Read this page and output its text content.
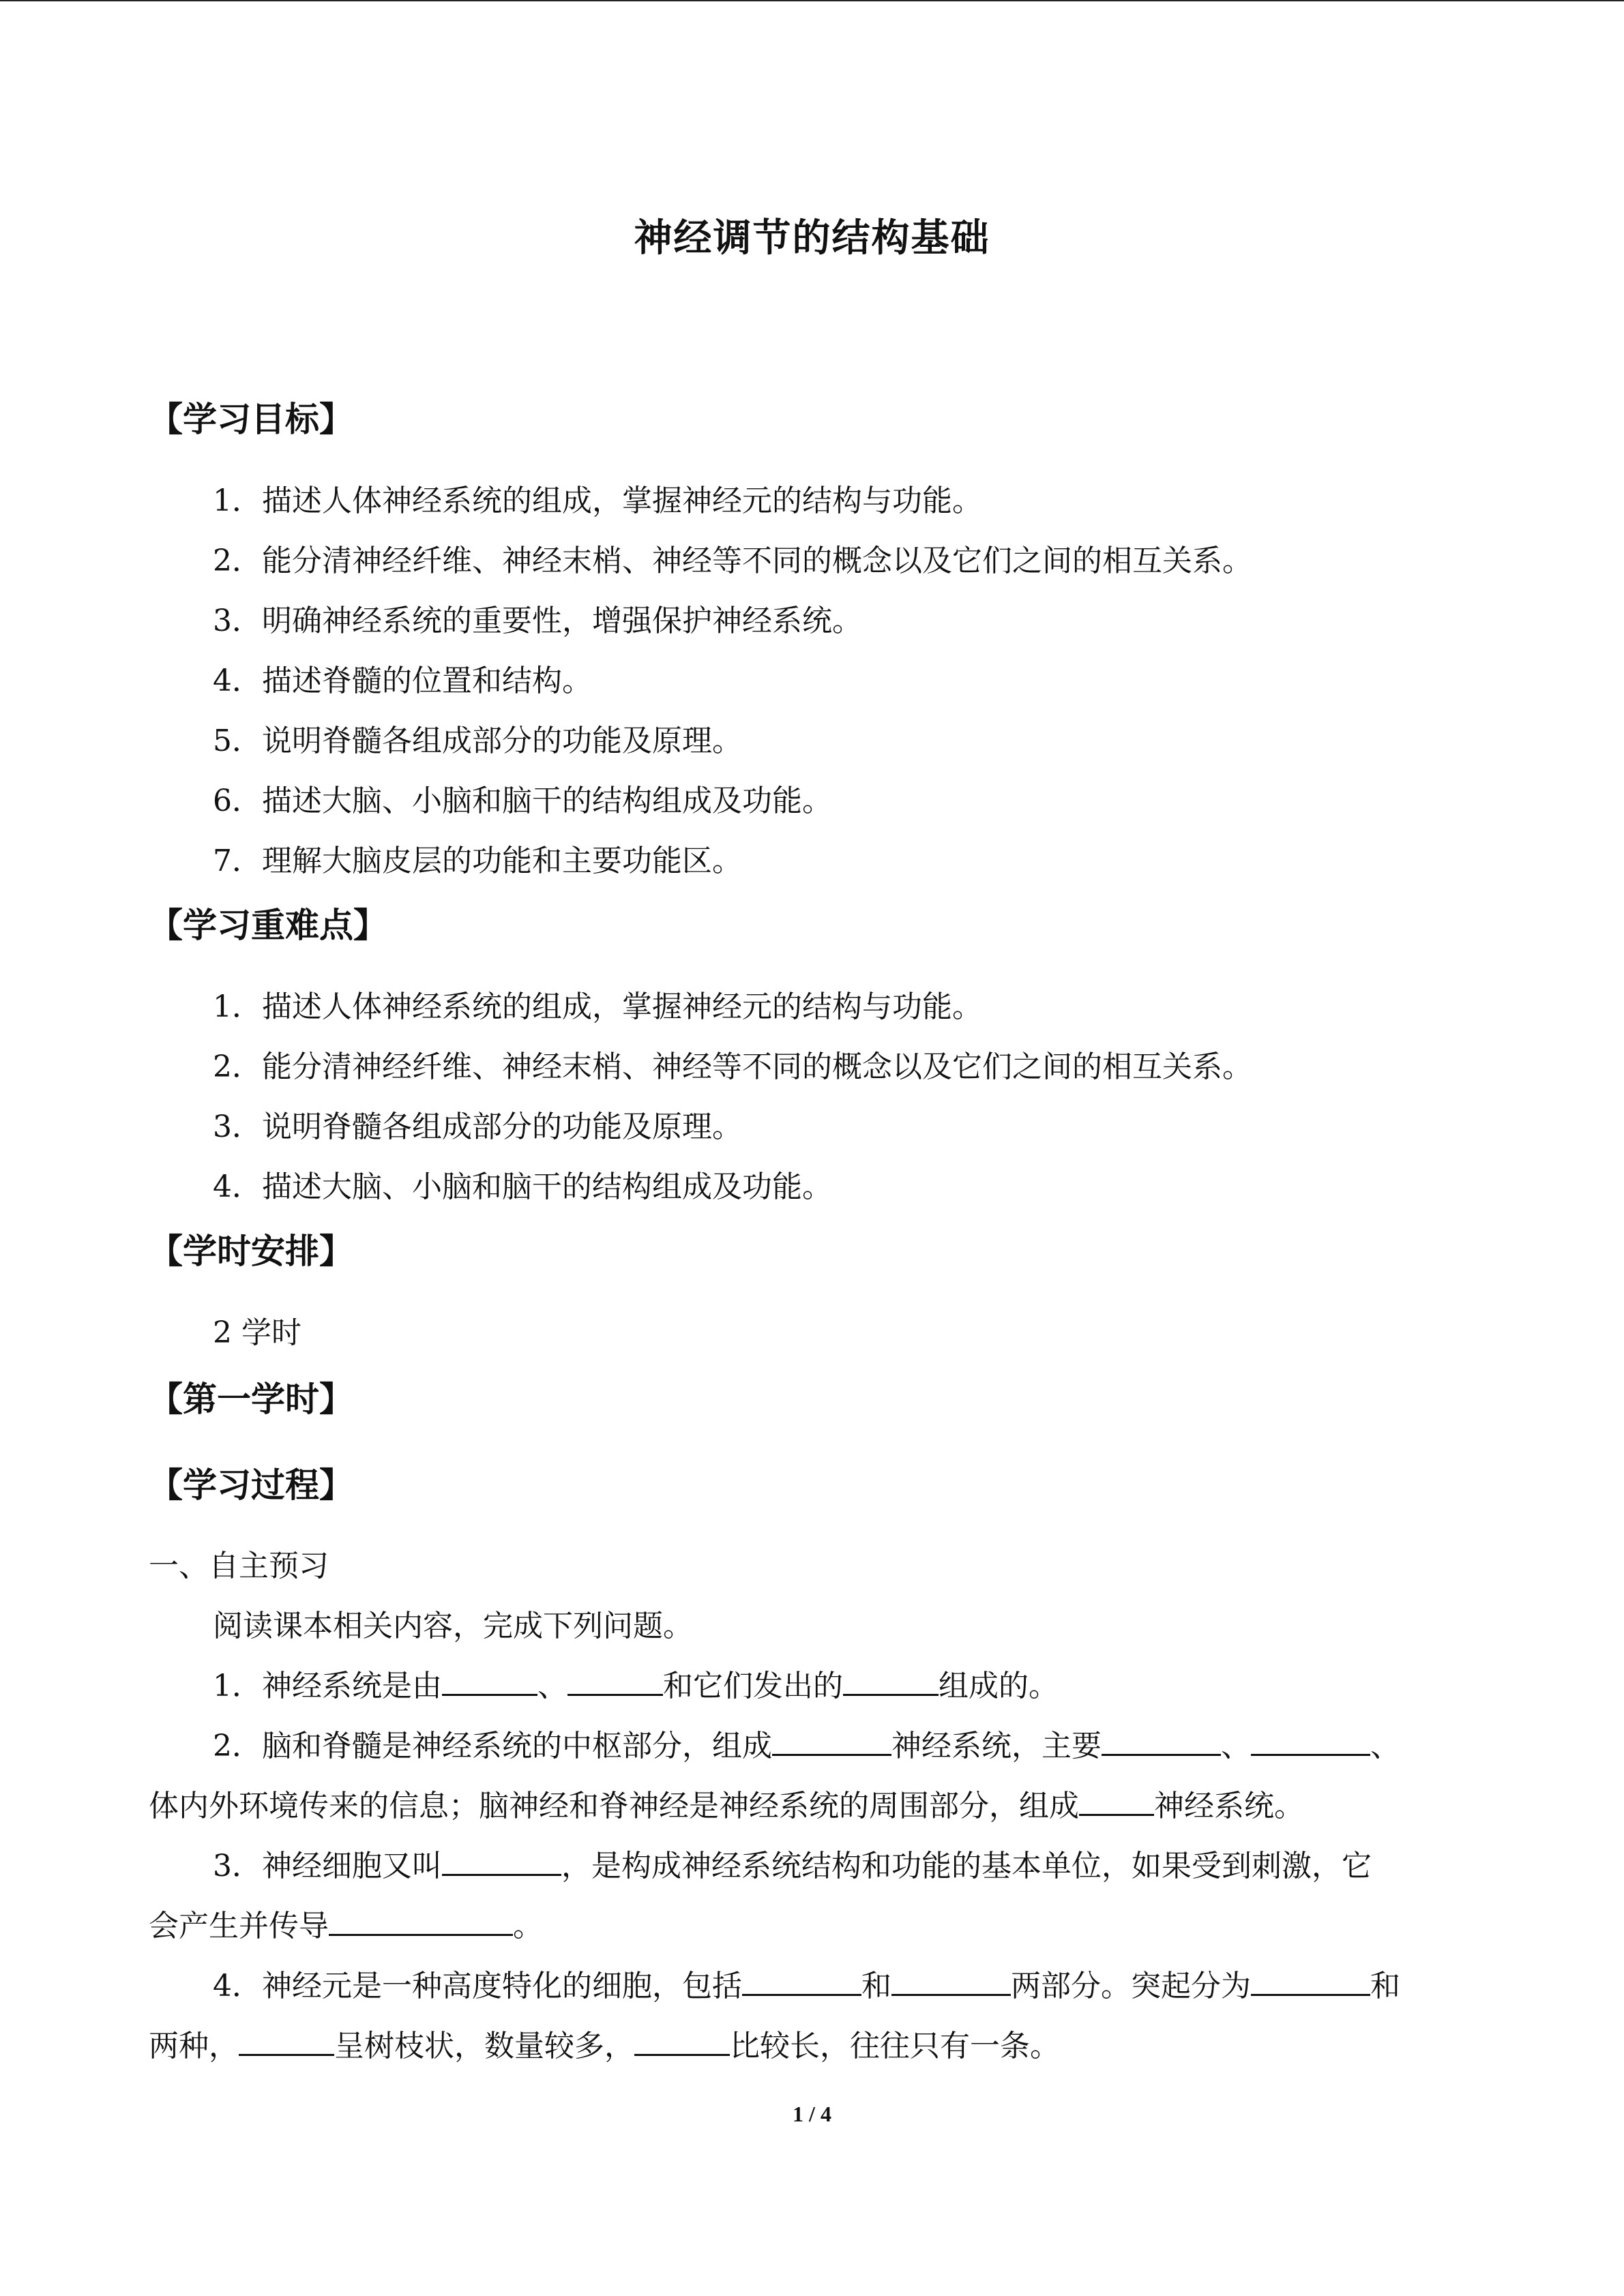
神经调节的结构基础
【学习目标】
1．描述人体神经系统的组成，掌握神经元的结构与功能。
2．能分清神经纤维、神经末梢、神经等不同的概念以及它们之间的相互关系。
3．明确神经系统的重要性，增强保护神经系统。
4．描述脊髓的位置和结构。
5．说明脊髓各组成部分的功能及原理。
6．描述大脑、小脑和脑干的结构组成及功能。
7．理解大脑皮层的功能和主要功能区。
【学习重难点】
1．描述人体神经系统的组成，掌握神经元的结构与功能。
2．能分清神经纤维、神经末梢、神经等不同的概念以及它们之间的相互关系。
3．说明脊髓各组成部分的功能及原理。
4．描述大脑、小脑和脑干的结构组成及功能。
【学时安排】
2 学时
【第一学时】
【学习过程】
一、自主预习
阅读课本相关内容，完成下列问题。
1．神经系统是由	、	和它们发出的	组成的。
2．脑和脊髓是神经系统的中枢部分，组成	神经系统，主要	、	、
体内外环境传来的信息；脑神经和脊神经是神经系统的周围部分，组成	神经系统。
3．神经细胞又叫	，是构成神经系统结构和功能的基本单位，如果受到刺激，它
会产生并传导	。
4．神经元是一种高度特化的细胞，包括	和	两部分。突起分为	和
两种，	呈树枝状，数量较多，	比较长，往往只有一条。
1 / 4
